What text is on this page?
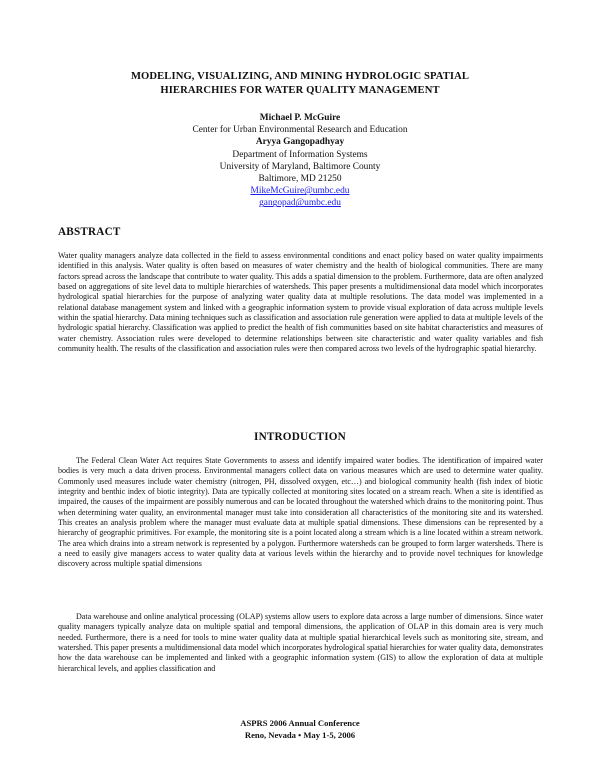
MODELING, VISUALIZING, AND MINING HYDROLOGIC SPATIAL
HIERARCHIES FOR WATER QUALITY MANAGEMENT
Michael P. McGuire
Center for Urban Environmental Research and Education
Aryya Gangopadhyay
Department of Information Systems
University of Maryland, Baltimore County
Baltimore, MD 21250
MikeMcGuire@umbc.edu
gangopad@umbc.edu
ABSTRACT

Water quality managers analyze data collected in the field to assess environmental conditions and enact policy based on water quality impairments identified in this analysis. Water quality is often based on measures of water chemistry and the health of biological communities. There are many factors spread across the landscape that contribute to water quality. This adds a spatial dimension to the problem. Furthermore, data are often analyzed based on aggregations of site level data to multiple hierarchies of watersheds. This paper presents a multidimensional data model which incorporates hydrological spatial hierarchies for the purpose of analyzing water quality data at multiple resolutions. The data model was implemented in a relational database management system and linked with a geographic information system to provide visual exploration of data across multiple levels within the spatial hierarchy. Data mining techniques such as classification and association rule generation were applied to data at multiple levels of the hydrologic spatial hierarchy. Classification was applied to predict the health of fish communities based on site habitat characteristics and measures of water chemistry. Association rules were developed to determine relationships between site characteristic and water quality variables and fish community health. The results of the classification and association rules were then compared across two levels of the hydrographic spatial hierarchy.

INTRODUCTION

The Federal Clean Water Act requires State Governments to assess and identify impaired water bodies. The identification of impaired water bodies is very much a data driven process. Environmental managers collect data on various measures which are used to determine water quality. Commonly used measures include water chemistry (nitrogen, PH, dissolved oxygen, etc…) and biological community health (fish index of biotic integrity and benthic index of biotic integrity). Data are typically collected at monitoring sites located on a stream reach. When a site is identified as impaired, the causes of the impairment are possibly numerous and can be located throughout the watershed which drains to the monitoring point. Thus when determining water quality, an environmental manager must take into consideration all characteristics of the monitoring site and its watershed. This creates an analysis problem where the manager must evaluate data at multiple spatial dimensions. These dimensions can be represented by a hierarchy of geographic primitives. For example, the monitoring site is a point located along a stream which is a line located within a stream network. The area which drains into a stream network is represented by a polygon. Furthermore watersheds can be grouped to form larger watersheds. There is a need to easily give managers access to water quality data at various levels within the hierarchy and to provide novel techniques for knowledge discovery across multiple spatial dimensions

Data warehouse and online analytical processing (OLAP) systems allow users to explore data across a large number of dimensions. Since water quality managers typically analyze data on multiple spatial and temporal dimensions, the application of OLAP in this domain area is very much needed. Furthermore, there is a need for tools to mine water quality data at multiple spatial hierarchical levels such as monitoring site, stream, and watershed. This paper presents a multidimensional data model which incorporates hydrological spatial hierarchies for water quality data, demonstrates how the data warehouse can be implemented and linked with a geographic information system (GIS) to allow the exploration of data at multiple hierarchical levels, and applies classification and

ASPRS 2006 Annual Conference
Reno, Nevada • May 1-5, 2006
